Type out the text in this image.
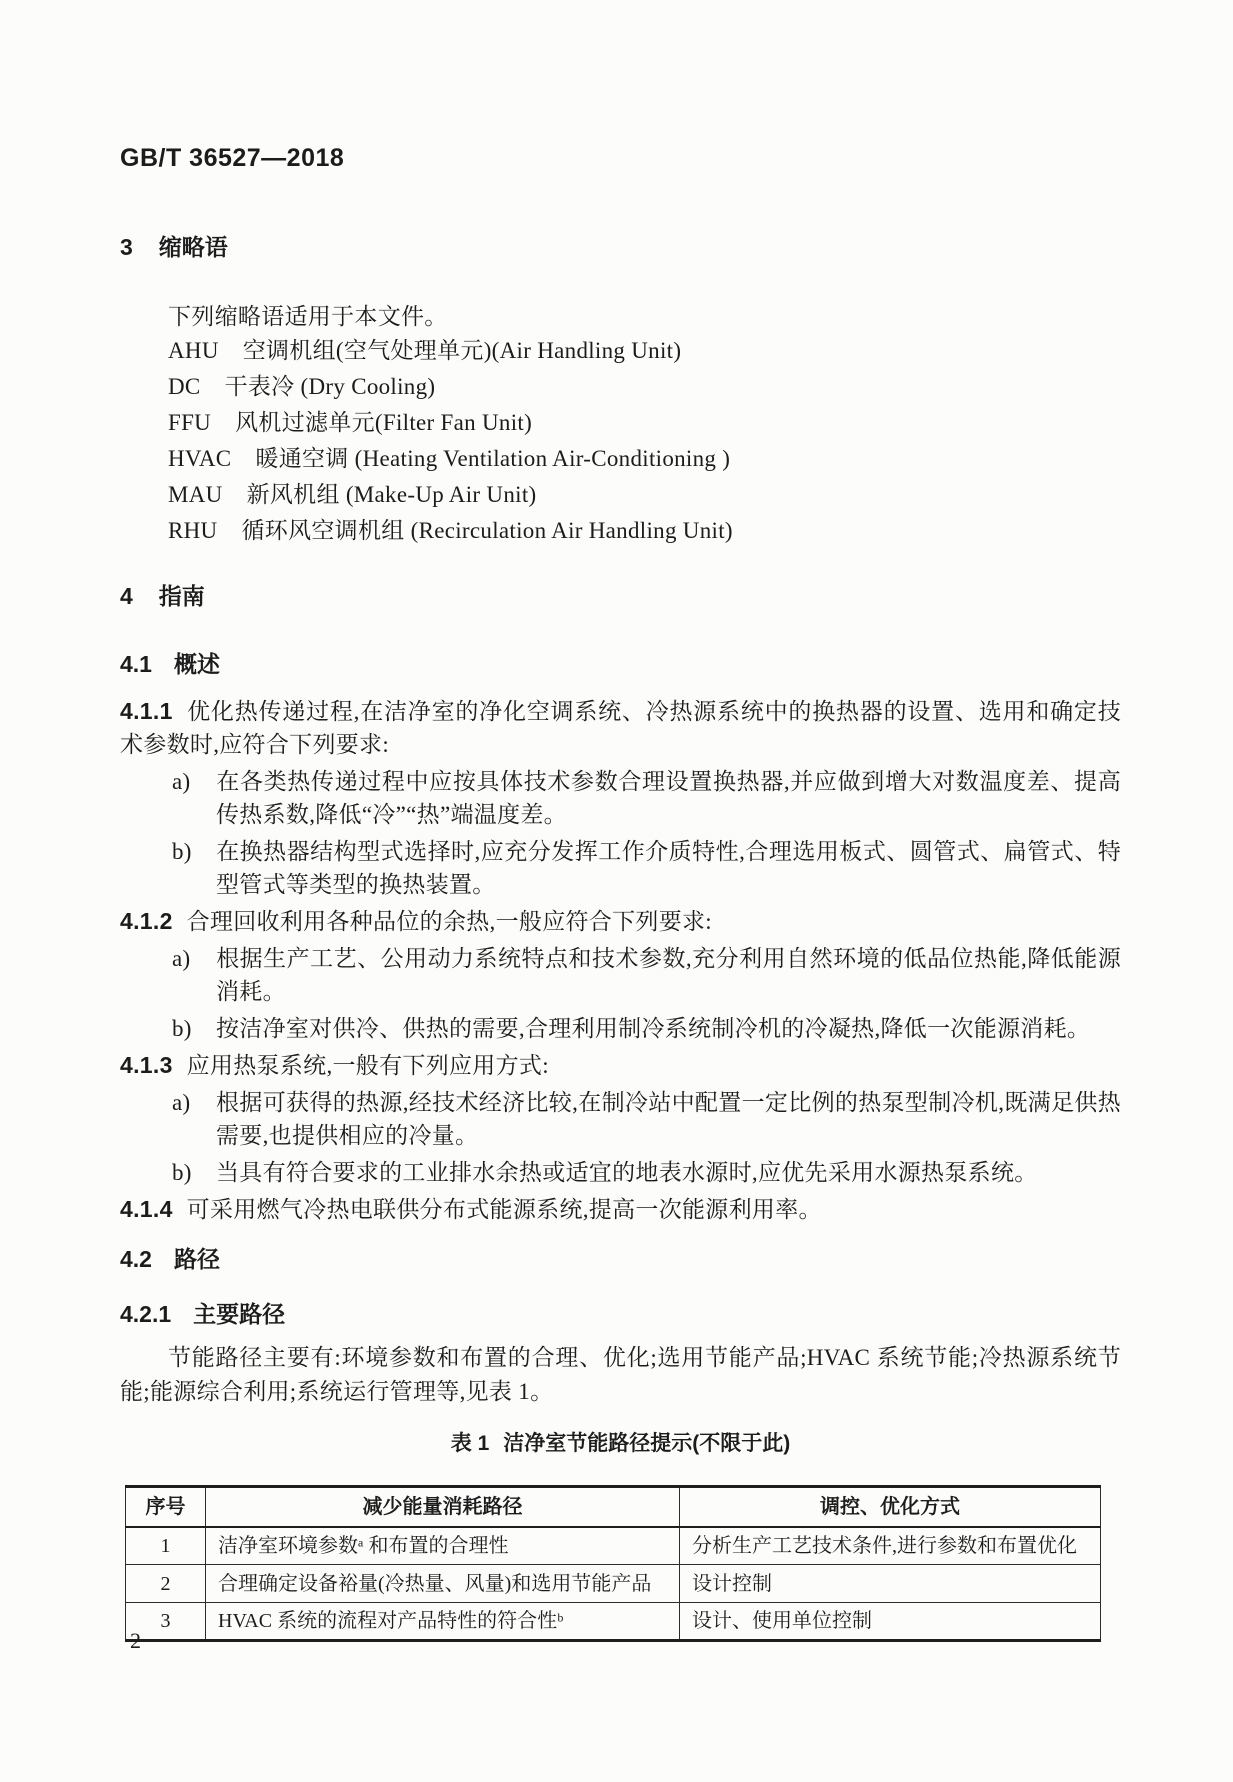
GB/T 36527—2018
3 缩略语

下列缩略语适用于本文件。

AHU 空调机组(空气处理单元)(Air Handling Unit)
DC 干表冷 (Dry Cooling)
FFU 风机过滤单元(Filter Fan Unit)
HVAC 暖通空调 (Heating Ventilation Air-Conditioning )
MAU 新风机组 (Make-Up Air Unit)
RHU 循环风空调机组 (Recirculation Air Handling Unit)
4 指南
4.1 概述

4.1.1 优化热传递过程,在洁净室的净化空调系统、冷热源系统中的换热器的设置、选用和确定技术参数时,应符合下列要求:

a) 在各类热传递过程中应按具体技术参数合理设置换热器,并应做到增大对数温度差、提高传热系数,降低“冷”“热”端温度差。
b) 在换热器结构型式选择时,应充分发挥工作介质特性,合理选用板式、圆管式、扁管式、特型管式等类型的换热装置。

4.1.2 合理回收利用各种品位的余热,一般应符合下列要求:

a) 根据生产工艺、公用动力系统特点和技术参数,充分利用自然环境的低品位热能,降低能源消耗。
b) 按洁净室对供冷、供热的需要,合理利用制冷系统制冷机的冷凝热,降低一次能源消耗。

4.1.3 应用热泵系统,一般有下列应用方式:

a) 根据可获得的热源,经技术经济比较,在制冷站中配置一定比例的热泵型制冷机,既满足供热需要,也提供相应的冷量。
b) 当具有符合要求的工业排水余热或适宜的地表水源时,应优先采用水源热泵系统。

4.1.4 可采用燃气冷热电联供分布式能源系统,提高一次能源利用率。

4.2 路径
4.2.1 主要路径

节能路径主要有:环境参数和布置的合理、优化;选用节能产品;HVAC 系统节能;冷热源系统节能;能源综合利用;系统运行管理等,见表 1。

表 1 洁净室节能路径提示(不限于此)
序号	减少能量消耗路径	调控、优化方式
1	洁净室环境参数ᵃ 和布置的合理性	分析生产工艺技术条件,进行参数和布置优化
2	合理确定设备裕量(冷热量、风量)和选用节能产品	设计控制
3	HVAC 系统的流程对产品特性的符合性ᵇ	设计、使用单位控制
2
